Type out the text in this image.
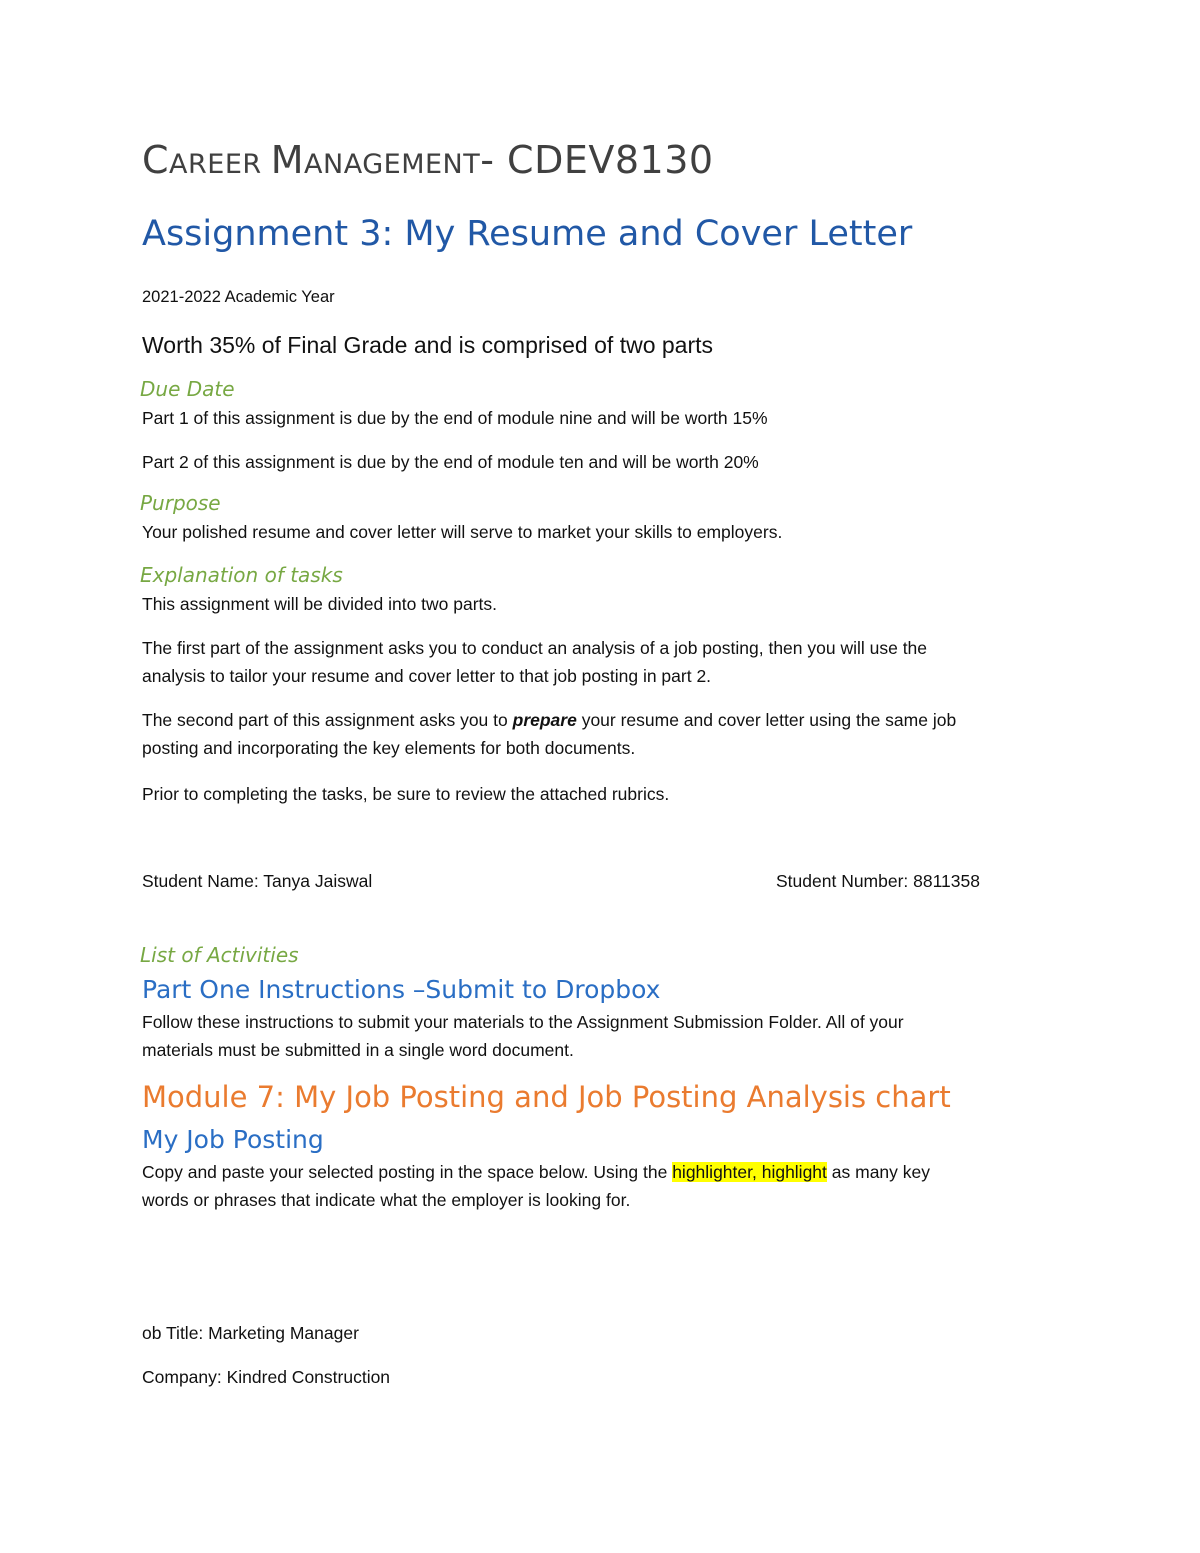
CAREER MANAGEMENT- CDEV8130
Assignment 3: My Resume and Cover Letter
2021-2022 Academic Year
Worth 35% of Final Grade and is comprised of two parts
Due Date
Part 1 of this assignment is due by the end of module nine and will be worth 15%
Part 2 of this assignment is due by the end of module ten and will be worth 20%
Purpose
Your polished resume and cover letter will serve to market your skills to employers.
Explanation of tasks
This assignment will be divided into two parts.
The first part of the assignment asks you to conduct an analysis of a job posting, then you will use the
analysis to tailor your resume and cover letter to that job posting in part 2.
The second part of this assignment asks you to prepare your resume and cover letter using the same job
posting and incorporating the key elements for both documents.
Prior to completing the tasks, be sure to review the attached rubrics.
Student Name: Tanya Jaiswal	Student Number: 8811358
List of Activities
Part One Instructions –Submit to Dropbox
Follow these instructions to submit your materials to the Assignment Submission Folder. All of your
materials must be submitted in a single word document.
Module 7: My Job Posting and Job Posting Analysis chart
My Job Posting
Copy and paste your selected posting in the space below. Using the highlighter, highlight as many key
words or phrases that indicate what the employer is looking for.
ob Title: Marketing Manager
Company: Kindred Construction
